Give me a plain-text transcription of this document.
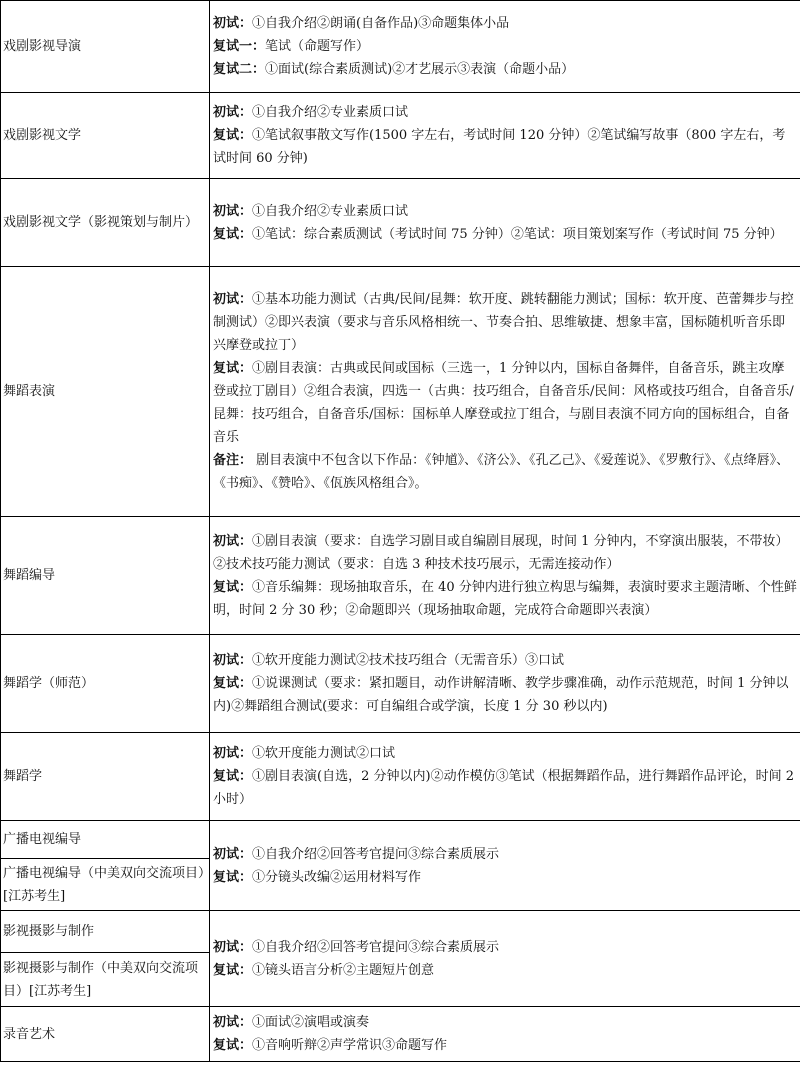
戏剧影视导演	初试：①自我介绍②朗诵(自备作品)③命题集体小品
复试一：笔试（命题写作）
复试二：①面试(综合素质测试)②才艺展示③表演（命题小品）

戏剧影视文学	初试：①自我介绍②专业素质口试
复试：①笔试叙事散文写作(1500 字左右，考试时间 120 分钟）②笔试编写故事（800 字左右，考试时间 60 分钟)

戏剧影视文学（影视策划与制片）	初试：①自我介绍②专业素质口试
复试：①笔试：综合素质测试（考试时间 75 分钟）②笔试：项目策划案写作（考试时间 75 分钟）

舞蹈表演	初试：①基本功能力测试（古典/民间/昆舞：软开度、跳转翻能力测试；国标：软开度、芭蕾舞步与控制测试）②即兴表演（要求与音乐风格相统一、节奏合拍、思维敏捷、想象丰富，国标随机听音乐即兴摩登或拉丁）
复试：①剧目表演：古典或民间或国标（三选一，1 分钟以内，国标自备舞伴，自备音乐，跳主攻摩登或拉丁剧目）②组合表演，四选一（古典：技巧组合，自备音乐/民间：风格或技巧组合，自备音乐/昆舞：技巧组合，自备音乐/国标：国标单人摩登或拉丁组合，与剧目表演不同方向的国标组合，自备音乐
备注： 剧目表演中不包含以下作品：《钟馗》、《济公》、《孔乙己》、《爱莲说》、《罗敷行》、《点绛唇》、《书痴》、《赞哈》、《佤族风格组合》。

舞蹈编导	初试：①剧目表演（要求：自选学习剧目或自编剧目展现，时间 1 分钟内，不穿演出服装，不带妆）②技术技巧能力测试（要求：自选 3 种技术技巧展示，无需连接动作）
复试：①音乐编舞：现场抽取音乐，在 40 分钟内进行独立构思与编舞，表演时要求主题清晰、个性鲜明，时间 2 分 30 秒；②命题即兴（现场抽取命题，完成符合命题即兴表演）

舞蹈学（师范）	初试：①软开度能力测试②技术技巧组合（无需音乐）③口试
复试：①说课测试（要求：紧扣题目，动作讲解清晰、教学步骤准确，动作示范规范，时间 1 分钟以内)②舞蹈组合测试(要求：可自编组合或学演，长度 1 分 30 秒以内)

舞蹈学	初试：①软开度能力测试②口试
复试：①剧目表演(自选，2 分钟以内)②动作模仿③笔试（根据舞蹈作品，进行舞蹈作品评论，时间 2 小时）

广播电视编导	初试：①自我介绍②回答考官提问③综合素质展示
复试：①分镜头改编②运用材料写作

广播电视编导（中美双向交流项目）[江苏考生]	
影视摄影与制作	初试：①自我介绍②回答考官提问③综合素质展示
复试：①镜头语言分析②主题短片创意

影视摄影与制作（中美双向交流项目）[江苏考生]	
录音艺术	初试：①面试②演唱或演奏
复试：①音响听辩②声学常识③命题写作
